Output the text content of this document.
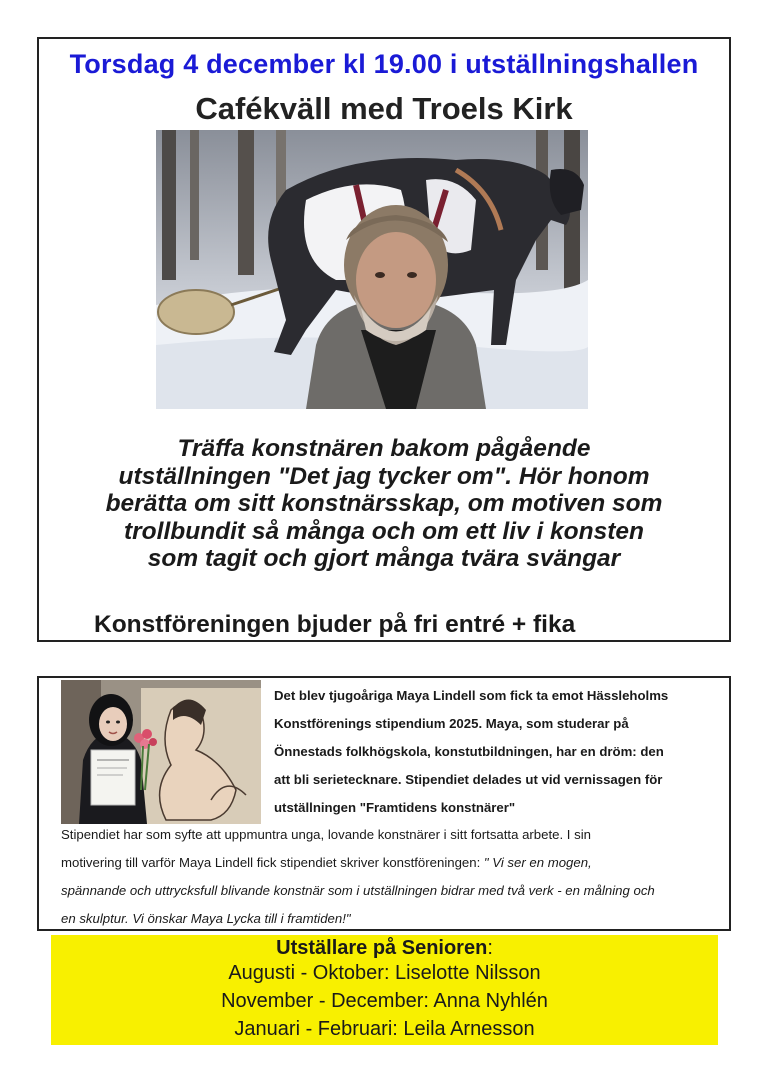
Torsdag 4 december kl 19.00 i utställningshallen
Cafékväll med Troels Kirk
Träffa konstnären bakom pågående
utställningen "Det jag tycker om". Hör honom
berätta om sitt konstnärsskap, om motiven som
trollbundit så många och om ett liv i konsten
som tagit och gjort många tvära svängar
Konstföreningen bjuder på fri entré + fika
Det blev tjugoåriga Maya Lindell som fick ta emot Hässleholms
Konstförenings stipendium 2025. Maya, som studerar på
Önnestads folkhögskola, konstutbildningen, har en dröm: den
att bli serietecknare. Stipendiet delades ut vid vernissagen för
utställningen "Framtidens konstnärer"
Stipendiet har som syfte att uppmuntra unga, lovande konstnärer i sitt fortsatta arbete. I sin
motivering till varför Maya Lindell fick stipendiet skriver konstföreningen: " Vi ser en mogen,
spännande och uttrycksfull blivande konstnär som i utställningen bidrar med två verk - en målning och
en skulptur. Vi önskar Maya Lycka till i framtiden!"
Utställare på Senioren:
Augusti - Oktober: Liselotte Nilsson
November - December: Anna Nyhlén
Januari - Februari: Leila Arnesson
